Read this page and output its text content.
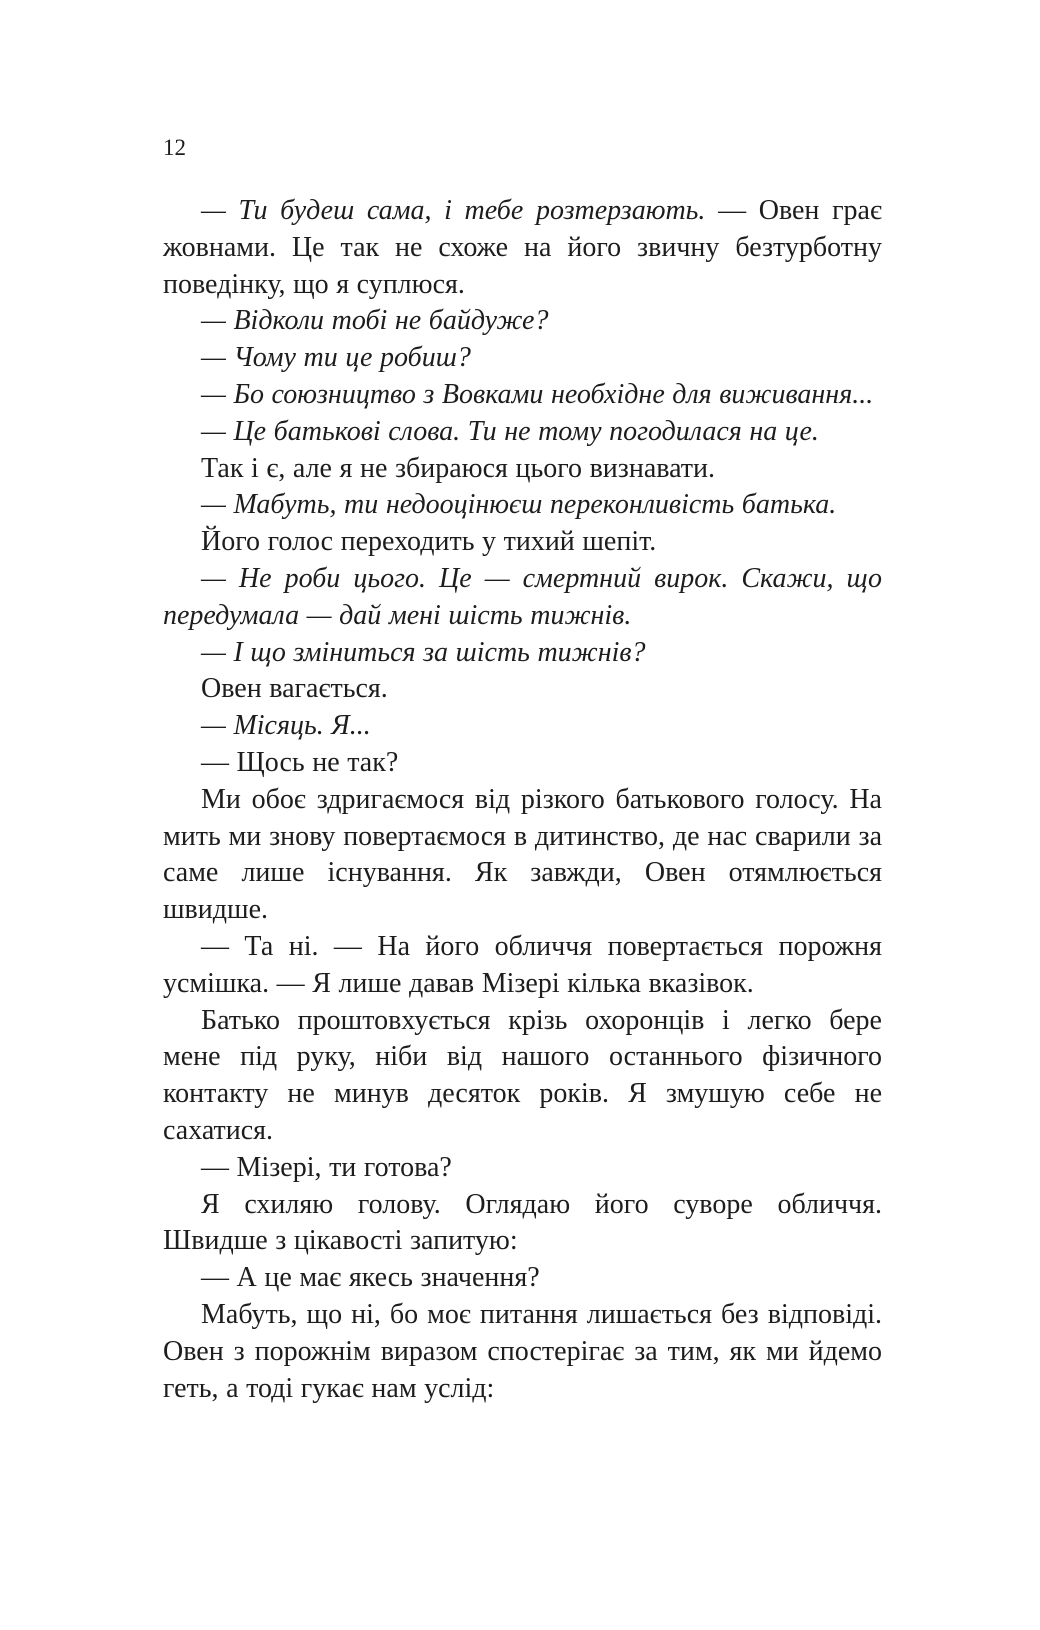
12

— Ти будеш сама, і тебе розтерзають. — Овен грає жовнами. Це так не схоже на його звичну безтурботну поведінку, що я суплюся.

— Відколи тобі не байдуже?

— Чому ти це робиш?

— Бо союзництво з Вовками необхідне для виживання...

— Це батькові слова. Ти не тому погодилася на це.

Так і є, але я не збираюся цього визнавати.

— Мабуть, ти недооцінюєш переконливість батька.

Його голос переходить у тихий шепіт.

— Не роби цього. Це — смертний вирок. Скажи, що передумала — дай мені шість тижнів.

— І що зміниться за шість тижнів?

Овен вагається.

— Місяць. Я...

— Щось не так?

Ми обоє здригаємося від різкого батькового голосу. На мить ми знову повертаємося в дитинство, де нас сварили за саме лише існування. Як завжди, Овен отямлюється швидше.

— Та ні. — На його обличчя повертається порожня усмішка. — Я лише давав Мізері кілька вказівок.

Батько проштовхується крізь охоронців і легко бере мене під руку, ніби від нашого останнього фізичного контакту не минув десяток років. Я змушую себе не сахатися.

— Мізері, ти готова?

Я схиляю голову. Оглядаю його суворе обличчя. Швидше з цікавості запитую:

— А це має якесь значення?

Мабуть, що ні, бо моє питання лишається без відповіді. Овен з порожнім виразом спостерігає за тим, як ми йдемо геть, а тоді гукає нам услід:
